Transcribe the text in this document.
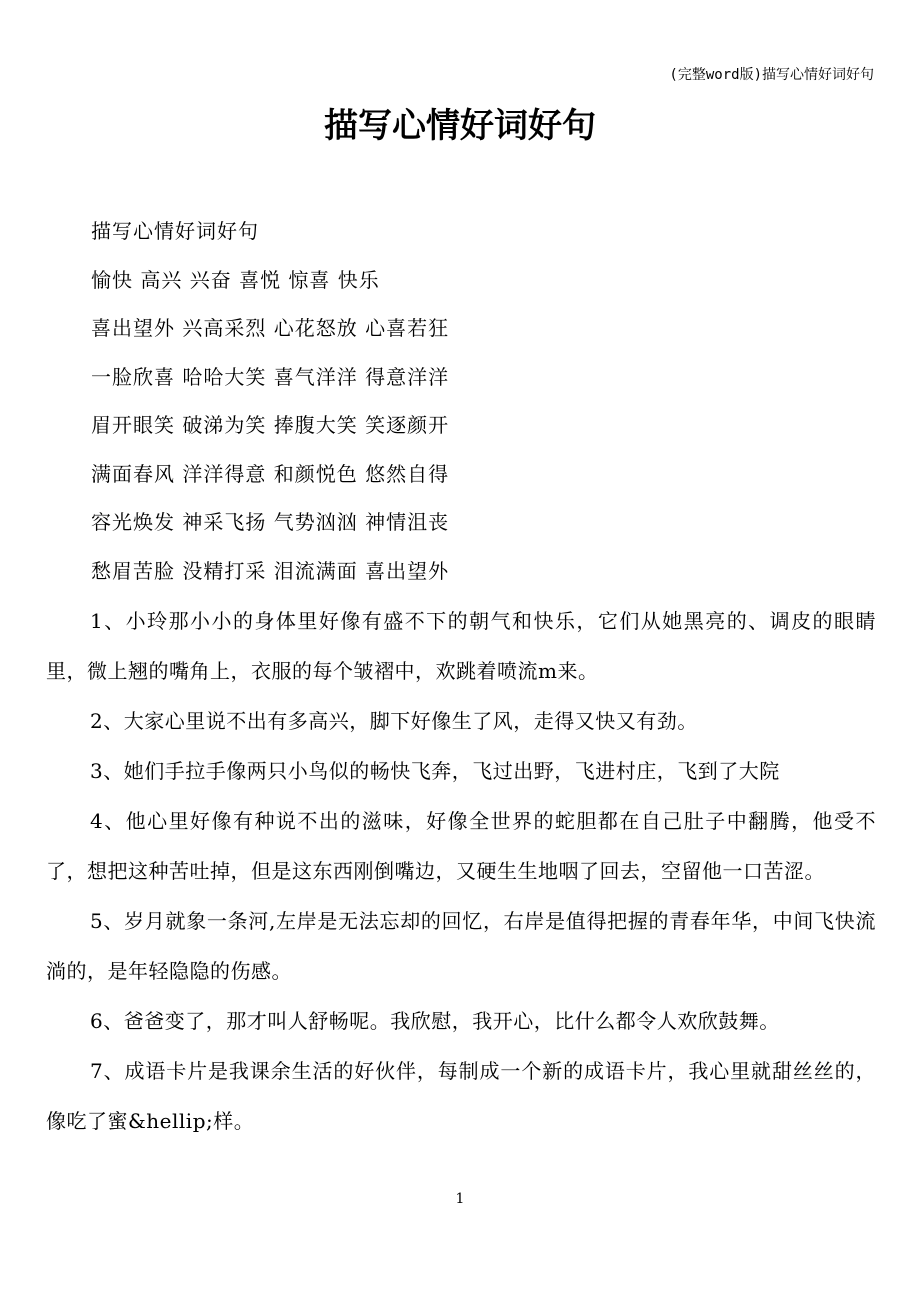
(完整word版)描写心情好词好句
描写心情好词好句
描写心情好词好句
愉快 高兴 兴奋 喜悦 惊喜 快乐
喜出望外 兴高采烈 心花怒放 心喜若狂
一脸欣喜 哈哈大笑 喜气洋洋 得意洋洋
眉开眼笑 破涕为笑 捧腹大笑 笑逐颜开
满面春风 洋洋得意 和颜悦色 悠然自得
容光焕发 神采飞扬 气势汹汹 神情沮丧
愁眉苦脸 没精打采 泪流满面 喜出望外

1、小玲那小小的身体里好像有盛不下的朝气和快乐，它们从她黑亮的、调皮的眼睛里，微上翘的嘴角上，衣服的每个皱褶中，欢跳着喷流m来。

2、大家心里说不出有多高兴，脚下好像生了风，走得又快又有劲。

3、她们手拉手像两只小鸟似的畅快飞奔，飞过出野，飞进村庄，飞到了大院

4、他心里好像有种说不出的滋味，好像全世界的蛇胆都在自己肚子中翻腾，他受不了，想把这种苦吐掉，但是这东西刚倒嘴边，又硬生生地咽了回去，空留他一口苦涩。

5、岁月就象一条河,左岸是无法忘却的回忆，右岸是值得把握的青春年华，中间飞快流淌的，是年轻隐隐的伤感。

6、爸爸变了，那才叫人舒畅呢。我欣慰，我开心，比什么都令人欢欣鼓舞。

7、成语卡片是我课余生活的好伙伴，每制成一个新的成语卡片，我心里就甜丝丝的，像吃了蜜&hellip;样。

1
